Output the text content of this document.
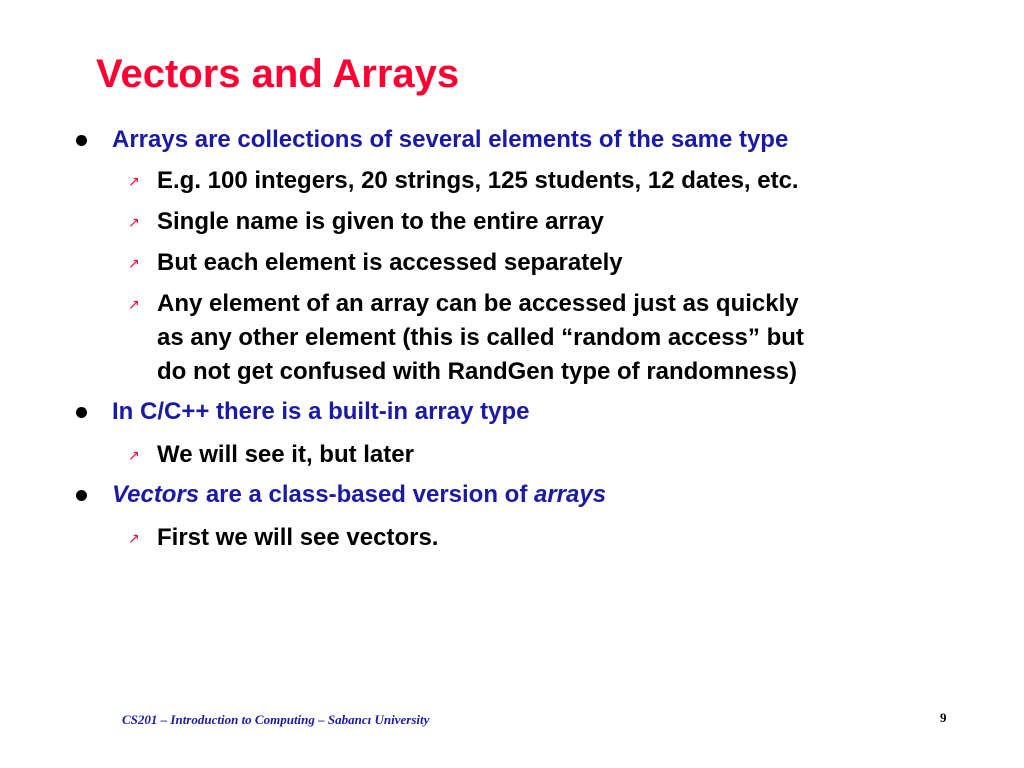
Vectors and Arrays
Arrays are collections of several elements of the same type
↗ E.g. 100 integers, 20 strings, 125 students, 12 dates, etc.
↗ Single name is given to the entire array
↗ But each element is accessed separately
↗ Any element of an array can be accessed just as quickly
as any other element (this is called “random access” but
do not get confused with RandGen type of randomness)
In C/C++ there is a built-in array type
↗ We will see it, but later
Vectors are a class-based version of arrays
↗ First we will see vectors.
CS201 – Introduction to Computing – Sabancı University	9
